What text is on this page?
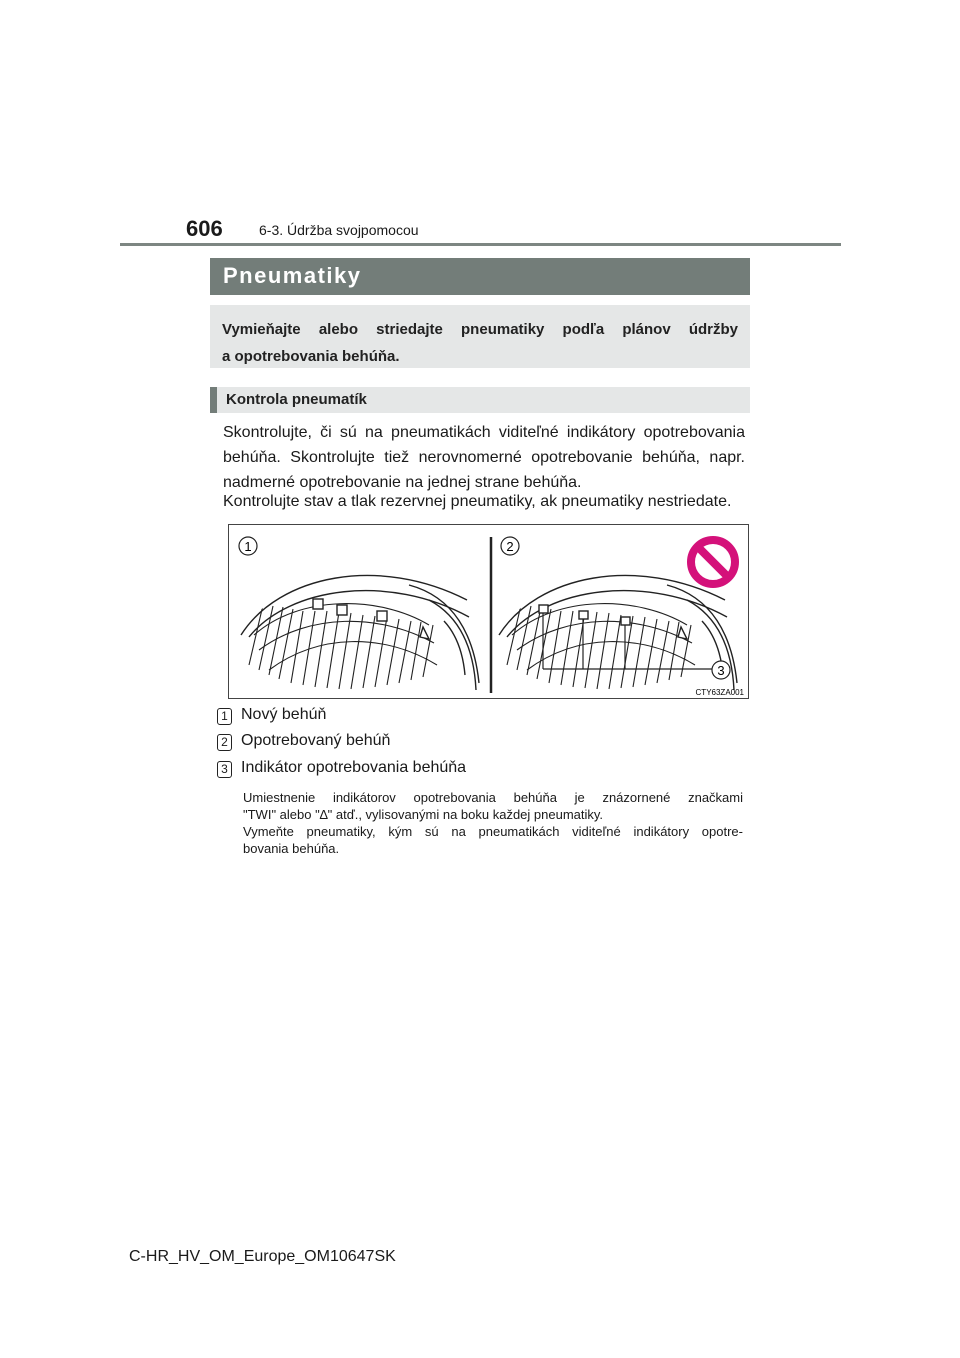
606	6-3. Údržba svojpomocou
Pneumatiky
Vymieňajte alebo striedajte pneumatiky podľa plánov údržby
a opotrebovania behúňa.
Kontrola pneumatík
Skontrolujte, či sú na pneumatikách viditeľné indikátory opotrebovania
behúňa. Skontrolujte tiež nerovnomerné opotrebovanie behúňa, napr.
nadmerné opotrebovanie na jednej strane behúňa.
Kontrolujte stav a tlak rezervnej pneumatiky, ak pneumatiky nestriedate.
1	2
3
CTY63ZA001
1 Nový behúň
2 Opotrebovaný behúň
3 Indikátor opotrebovania behúňa
Umiestnenie indikátorov opotrebovania behúňa je znázornené značkami
"TWI" alebo "∆" atď., vylisovanými na boku každej pneumatiky.
Vymeňte pneumatiky, kým sú na pneumatikách viditeľné indikátory opotre-
bovania behúňa.
C-HR_HV_OM_Europe_OM10647SK
